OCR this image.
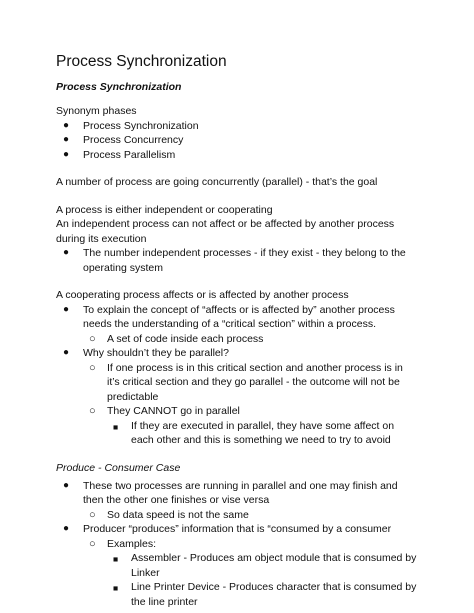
Process Synchronization
Process Synchronization

Synonym phases

● Process Synchronization
● Process Concurrency
● Process Parallelism

A number of process are going concurrently (parallel) - that’s the goal

A process is either independent or cooperating

An independent process can not affect or be affected by another process during its execution

● The number independent processes - if they exist - they belong to the operating system

A cooperating process affects or is affected by another process

● To explain the concept of “affects or is affected by” another process needs the understanding of a “critical section” within a process.
○ A set of code inside each process
● Why shouldn’t they be parallel?
○ If one process is in this critical section and another process is in it’s critical section and they go parallel - the outcome will not be predictable
○ They CANNOT go in parallel
■ If they are executed in parallel, they have some affect on each other and this is something we need to try to avoid
Produce - Consumer Case
● These two processes are running in parallel and one may finish and then the other one finishes or vise versa
○ So data speed is not the same
● Producer “produces” information that is “consumed by a consumer
○ Examples:
■ Assembler - Produces am object module that is consumed by Linker
■ Line Printer Device - Produces character that is consumed by the line printer
